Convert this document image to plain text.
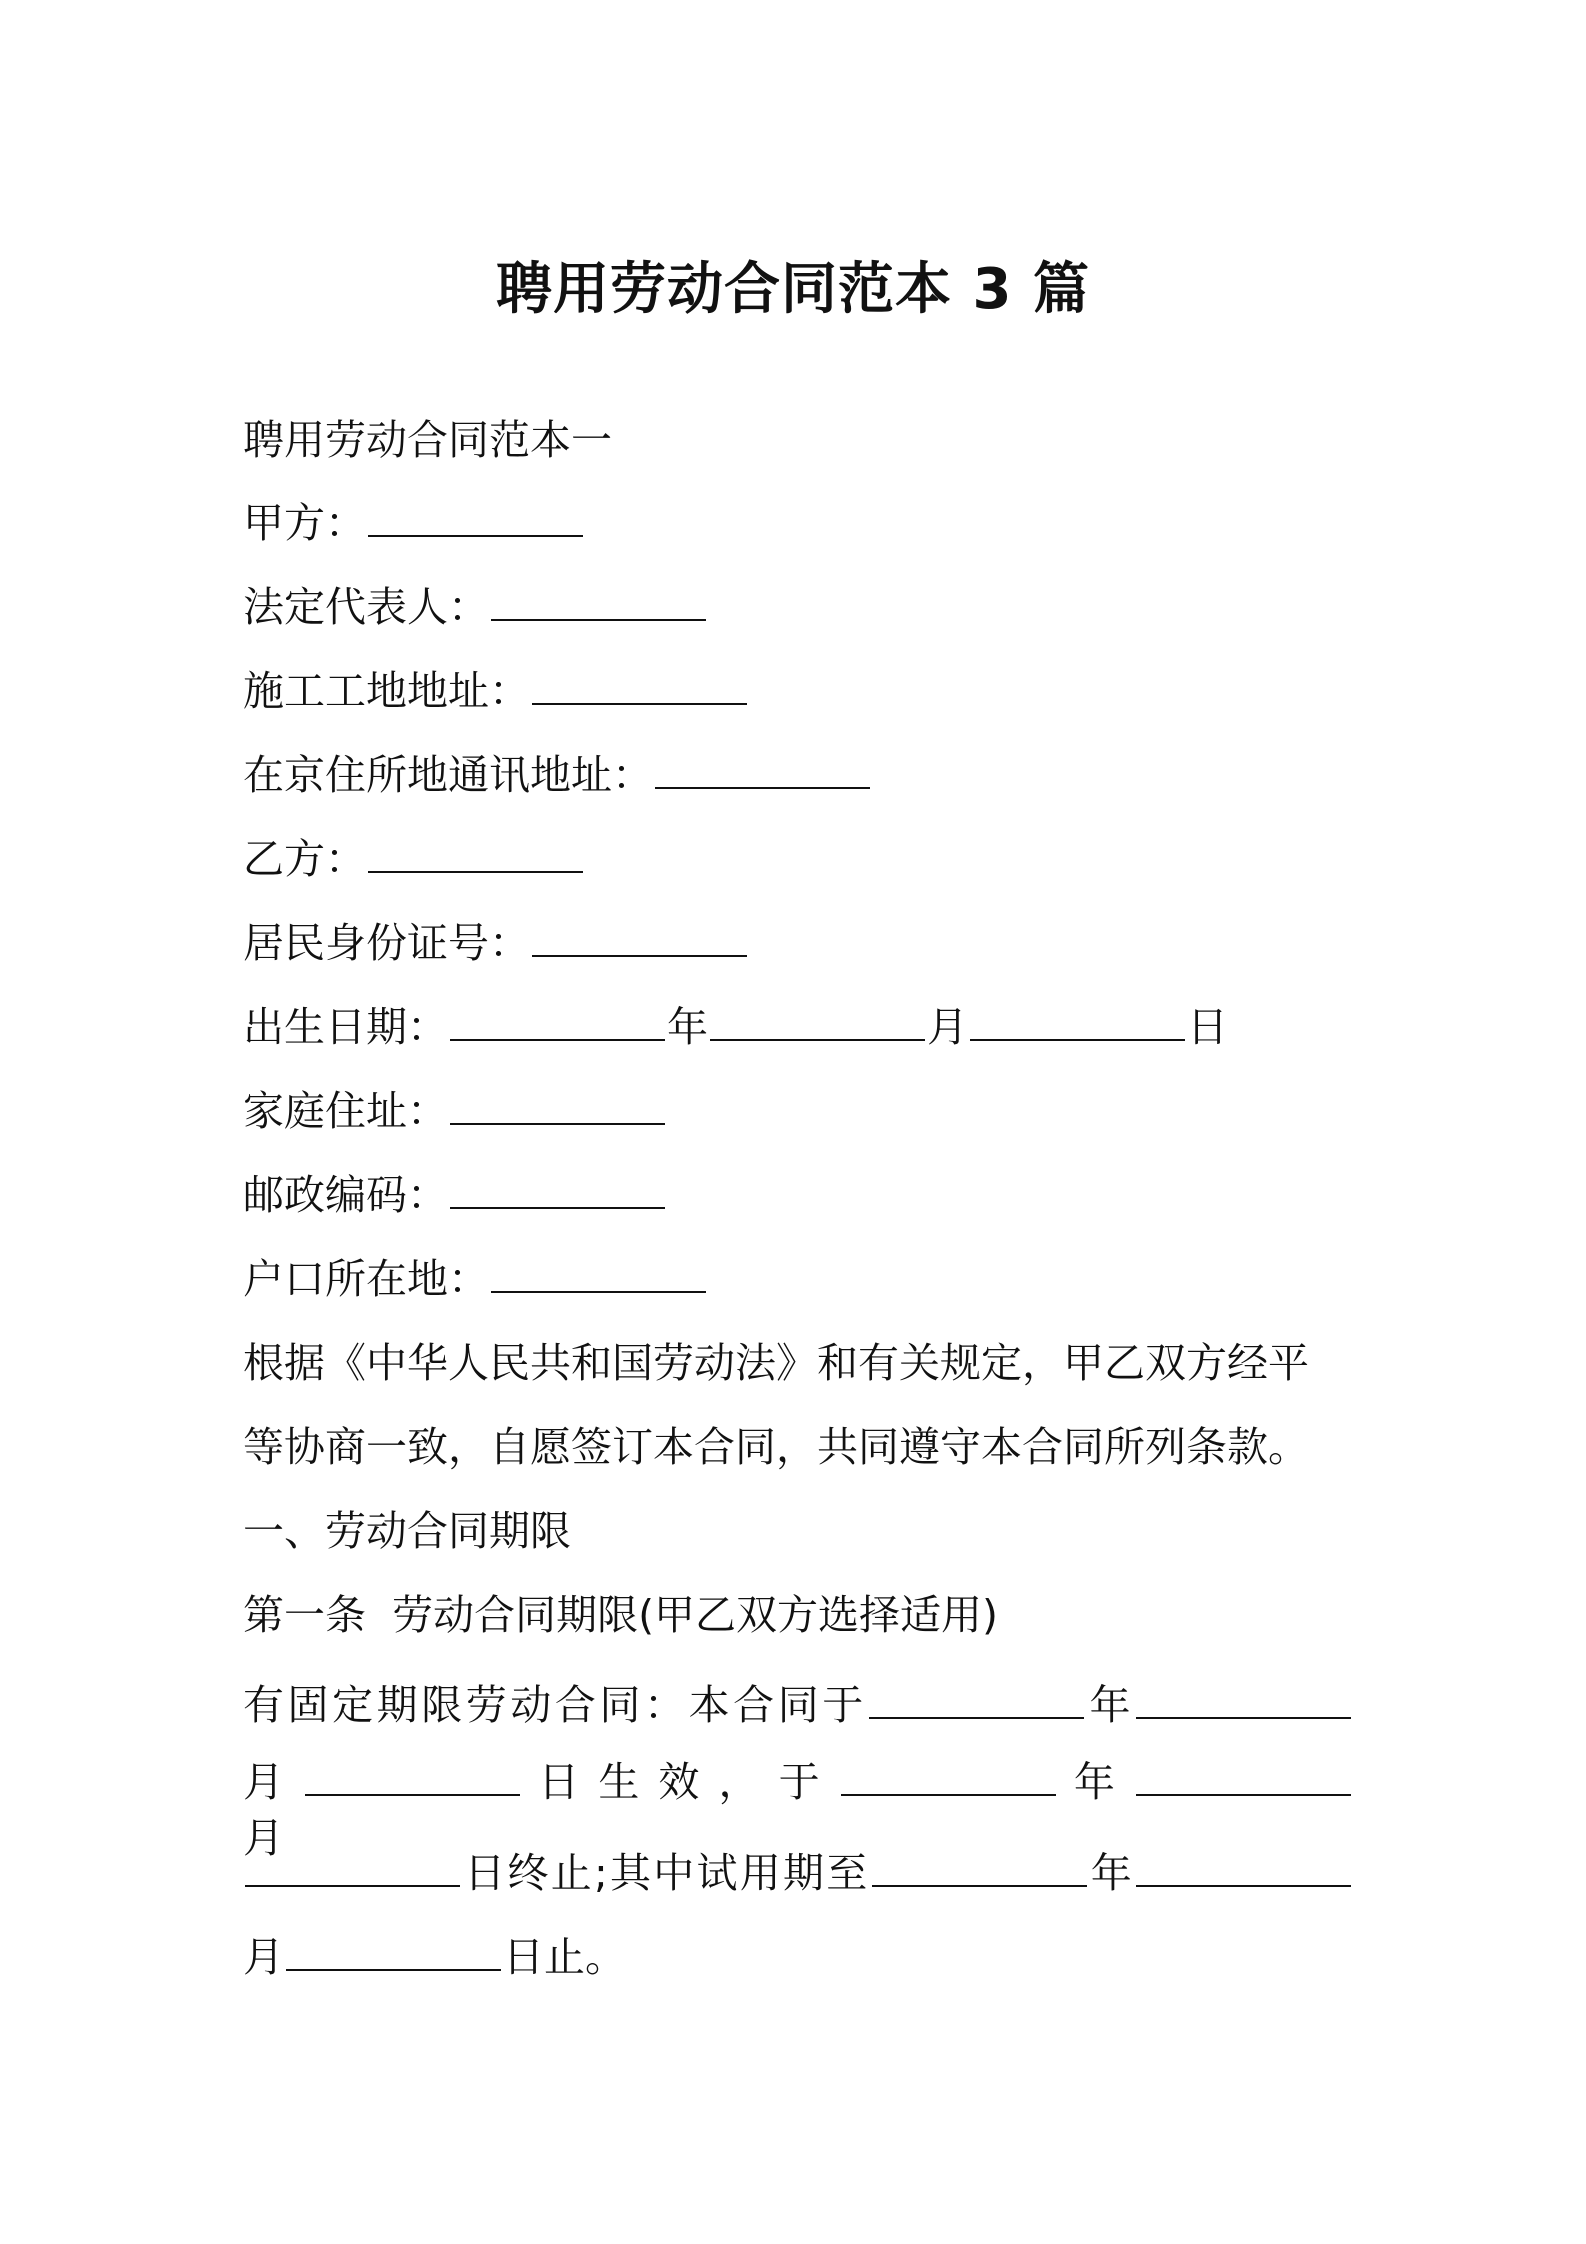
聘用劳动合同范本 3 篇
聘用劳动合同范本一
甲方：
法定代表人：
施工工地地址：
在京住所地通讯地址：
乙方：
居民身份证号：
出生日期：	年	月	日
家庭住址：
邮政编码：
户口所在地：
根据《中华人民共和国劳动法》和有关规定，甲乙双方经平
等协商一致，自愿签订本合同，共同遵守本合同所列条款。
一、劳动合同期限
第一条  劳动合同期限(甲乙双方选择适用)
有固定期限劳动合同：本合同于	年
月	日 生 效 ， 于	年  月
日终止;其中试用期至	年
月	日止。
